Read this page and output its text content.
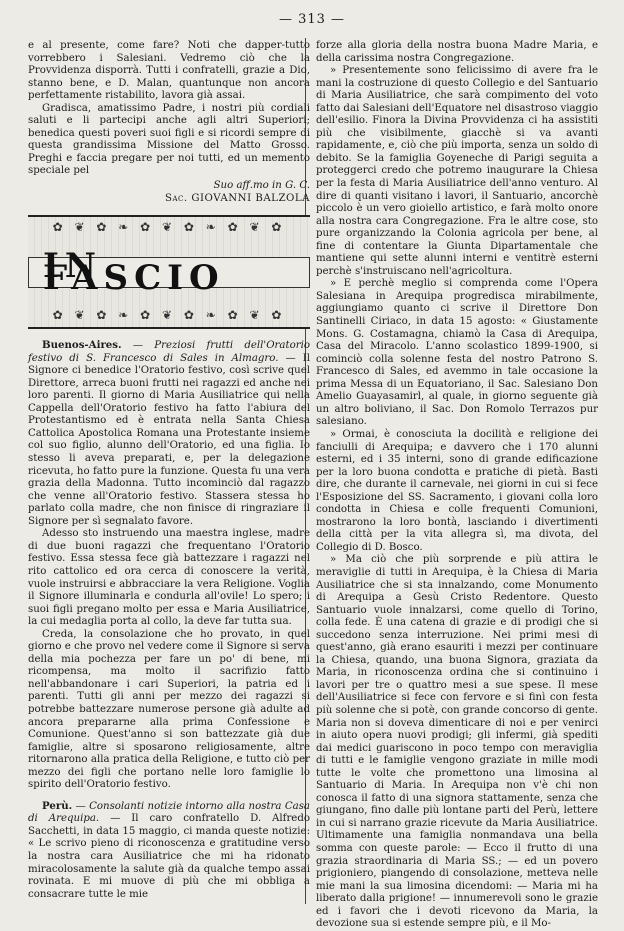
— 313 —

e al presente, come fare? Noti che dapper-tutto vorrebbero i Salesiani. Vedremo ciò che la Provvidenza disporrà. Tutti i confratelli, grazie a Dio, stanno bene, e D. Malan, quantunque non ancora perfettamente ristabilito, lavora già assai.

Gradisca, amatissimo Padre, i nostri più cordiali saluti e li partecipi anche agli altri Superiori; benedica questi poveri suoi figli e si ricordi sempre di questa grandissima Missione del Matto Grosso. Preghi e faccia pregare per noi tutti, ed un memento speciale pel

Suo aff.mo in G. C.

Sac. GIOVANNI BALZOLA

✿ ❦ ✿ ❧ ✿ ❦ ✿ ❧ ✿ ❦ ✿
IN FASCIO
✿ ❦ ✿ ❧ ✿ ❦ ✿ ❧ ✿ ❦ ✿

Buenos-Aires. — Preziosi frutti dell'Oratorio festivo di S. Francesco di Sales in Almagro. — Il Signore ci benedice l'Oratorio festivo, così scrive quel Direttore, arreca buoni frutti nei ragazzi ed anche nei loro parenti. Il giorno di Maria Ausiliatrice qui nella Cappella dell'Oratorio festivo ha fatto l'abiura del Protestantismo ed è entrata nella Santa Chiesa Cattolica Apostolica Romana una Protestante insieme col suo figlio, alunno dell'Oratorio, ed una figlia. Io stesso li aveva preparati, e, per la delegazione ricevuta, ho fatto pure la funzione. Questa fu una vera grazia della Madonna. Tutto incominciò dal ragazzo che venne all'Oratorio festivo. Stassera stessa ho parlato colla madre, che non finisce di ringraziare il Signore per sì segnalato favore.

Adesso sto instruendo una maestra inglese, madre di due buoni ragazzi che frequentano l'Oratorio festivo. Essa stessa fece già battezzare i ragazzi nel rito cattolico ed ora cerca di conoscere la verità, vuole instruirsi e abbracciare la vera Religione. Voglia il Signore illuminarla e condurla all'ovile! Lo spero; i suoi figli pregano molto per essa e Maria Ausiliatrice, la cui medaglia porta al collo, la deve far tutta sua.

Creda, la consolazione che ho provato, in quel giorno e che provo nel vedere come il Signore si serva della mia pochezza per fare un po' di bene, mi ricompensa, ma molto il sacrifizio fatto nell'abbandonare i cari Superiori, la patria ed i parenti. Tutti gli anni per mezzo dei ragazzi si potrebbe battezzare numerose persone già adulte ad ancora prepararne alla prima Confessione e Comunione. Quest'anno si son battezzate già due famiglie, altre si sposarono religiosamente, altre ritornarono alla pratica della Religione, e tutto ciò per mezzo dei figli che portano nelle loro famiglie lo spirito dell'Oratorio festivo.

Perù. — Consolanti notizie intorno alla nostra Casa di Arequipa. — Il caro confratello D. Alfredo Sacchetti, in data 15 maggio, ci manda queste notizie: « Le scrivo pieno di riconoscenza e gratitudine verso la nostra cara Ausiliatrice che mi ha ridonato miracolosamente la salute già da qualche tempo assai rovinata. E mi muove di più che mi obbliga a consacrare tutte le mie

forze alla gloria della nostra buona Madre Maria, e della carissima nostra Congregazione.

» Presentemente sono felicissimo di avere fra le mani la costruzione di questo Collegio e del Santuario di Maria Ausiliatrice, che sarà compimento del voto fatto dai Salesiani dell'Equatore nel disastroso viaggio dell'esilio. Finora la Divina Provvidenza ci ha assistiti più che visibilmente, giacchè si va avanti rapidamente, e, ciò che più importa, senza un soldo di debito. Se la famiglia Goyeneche di Parigi seguita a proteggerci credo che potremo inaugurare la Chiesa per la festa di Maria Ausiliatrice dell'anno venturo. Al dire di quanti visitano i lavori, il Santuario, ancorchè piccolo è un vero gioiello artistico, e farà molto onore alla nostra cara Congregazione. Fra le altre cose, sto pure organizzando la Colonia agricola per bene, al fine di contentare la Giunta Dipartamentale che mantiene qui sette alunni interni e ventitrè esterni perchè s'instruiscano nell'agricoltura.

» E perchè meglio si comprenda come l'Opera Salesiana in Arequipa progredisca mirabilmente, aggiungiamo quanto ci scrive il Direttore Don Santinelli Ciriaco, in data 15 agosto: « Giustamente Mons. G. Costamagna, chiamò la Casa di Arequipa, Casa del Miracolo. L'anno scolastico 1899-1900, si cominciò colla solenne festa del nostro Patrono S. Francesco di Sales, ed avemmo in tale occasione la prima Messa di un Equatoriano, il Sac. Salesiano Don Amelio Guayasamirl, al quale, in giorno seguente già un altro boliviano, il Sac. Don Romolo Terrazos pur salesiano.

» Ormai, è conosciuta la docilità e religione dei fanciulli di Arequipa; e davvero che i 170 alunni esterni, ed i 35 interni, sono di grande edificazione per la loro buona condotta e pratiche di pietà. Basti dire, che durante il carnevale, nei giorni in cui si fece l'Esposizione del SS. Sacramento, i giovani colla loro condotta in Chiesa e colle frequenti Comunioni, mostrarono la loro bontà, lasciando i divertimenti della città per la vita allegra sì, ma divota, del Collegio di D. Bosco.

» Ma ciò che più sorprende e più attira le meraviglie di tutti in Arequipa, è la Chiesa di Maria Ausiliatrice che si sta innalzando, come Monumento di Arequipa a Gesù Cristo Redentore. Questo Santuario vuole innalzarsi, come quello di Torino, colla fede. È una catena di grazie e di prodigi che si succedono senza interruzione. Nei primi mesi di quest'anno, già erano esauriti i mezzi per continuare la Chiesa, quando, una buona Signora, graziata da Maria, in riconoscenza ordina che si continuino i lavori per tre o quattro mesi a sue spese. Il mese dell'Ausiliatrice si fece con fervore e si finì con festa più solenne che si potè, con grande concorso di gente. Maria non si doveva dimenticare di noi e per venirci in aiuto opera nuovi prodigi; gli infermi, già spediti dai medici guariscono in poco tempo con meraviglia di tutti e le famiglie vengono graziate in mille modi tutte le volte che promettono una limosina al Santuario di Maria. In Arequipa non v'è chi non conosca il fatto di una signora stattamente, senza che giungano, fino dalle più lontane parti del Perù, lettere in cui si narrano grazie ricevute da Maria Ausiliatrice. Ultimamente una famiglia nonmandava una bella somma con queste parole: — Ecco il frutto di una grazia straordinaria di Maria SS.; — ed un povero prigioniero, piangendo di consolazione, metteva nelle mie mani la sua limosina dicendomi: — Maria mi ha liberato dalla prigione! — innumerevoli sono le grazie ed i favori che i devoti ricevono da Maria, la devozione sua si estende sempre più, e il Mo-
